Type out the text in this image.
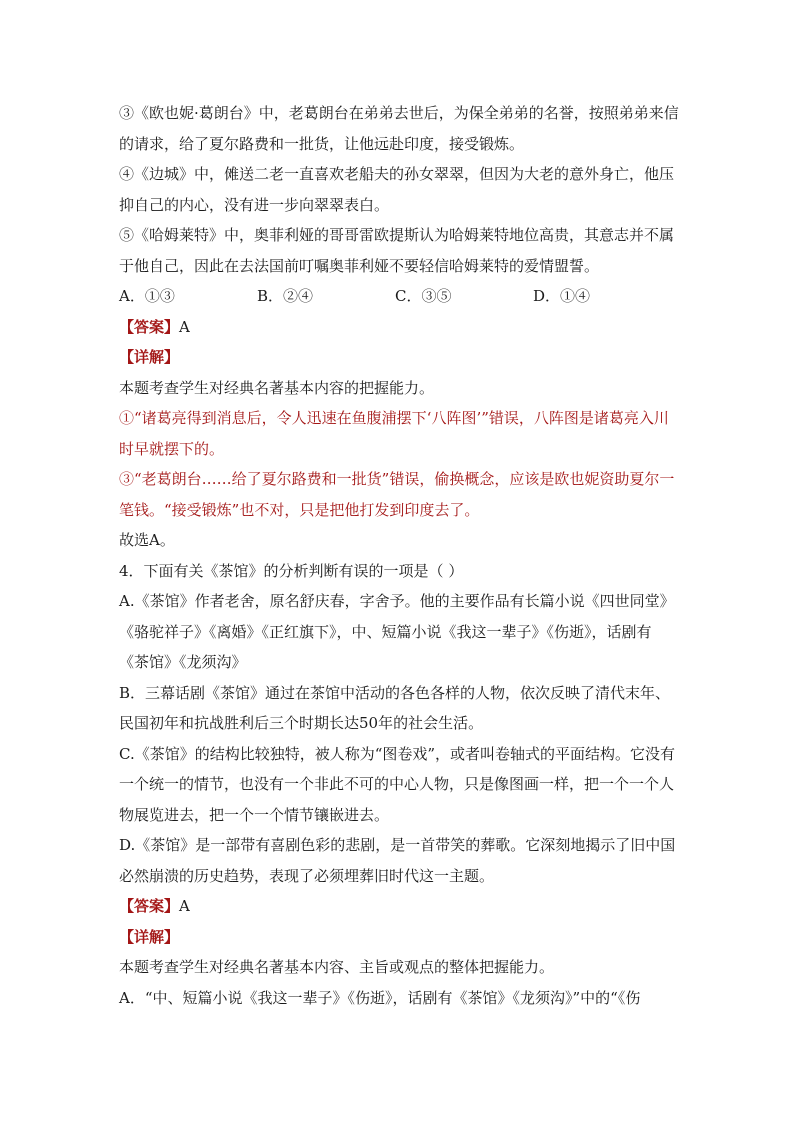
③《欧也妮·葛朗台》中，老葛朗台在弟弟去世后，为保全弟弟的名誉，按照弟弟来信的请求，给了夏尔路费和一批货，让他远赴印度，接受锻炼。

④《边城》中，傩送二老一直喜欢老船夫的孙女翠翠，但因为大老的意外身亡，他压抑自己的内心，没有进一步向翠翠表白。

⑤《哈姆莱特》中，奥菲利娅的哥哥雷欧提斯认为哈姆莱特地位高贵，其意志并不属于他自己，因此在去法国前叮嘱奥菲利娅不要轻信哈姆莱特的爱情盟誓。

A．①③	B．②④	C．③⑤	D．①④

【答案】A

【详解】

本题考查学生对经典名著基本内容的把握能力。

①“诸葛亮得到消息后，令人迅速在鱼腹浦摆下‘八阵图’”错误，八阵图是诸葛亮入川时早就摆下的。

③“老葛朗台……给了夏尔路费和一批货”错误，偷换概念，应该是欧也妮资助夏尔一笔钱。“接受锻炼”也不对，只是把他打发到印度去了。

故选A。

4．下面有关《茶馆》的分析判断有误的一项是（ ）

A.《茶馆》作者老舍，原名舒庆春，字舍予。他的主要作品有长篇小说《四世同堂》《骆驼祥子》《离婚》《正红旗下》，中、短篇小说《我这一辈子》《伤逝》，话剧有《茶馆》《龙须沟》

B．三幕话剧《茶馆》通过在茶馆中活动的各色各样的人物，依次反映了清代末年、民国初年和抗战胜利后三个时期长达50年的社会生活。

C.《茶馆》的结构比较独特，被人称为“图卷戏”，或者叫卷轴式的平面结构。它没有一个统一的情节，也没有一个非此不可的中心人物，只是像图画一样，把一个一个人物展览进去，把一个一个情节镶嵌进去。

D.《茶馆》是一部带有喜剧色彩的悲剧，是一首带笑的葬歌。它深刻地揭示了旧中国必然崩溃的历史趋势，表现了必须埋葬旧时代这一主题。

【答案】A

【详解】

本题考查学生对经典名著基本内容、主旨或观点的整体把握能力。

A．“中、短篇小说《我这一辈子》《伤逝》，话剧有《茶馆》《龙须沟》”中的“《伤
